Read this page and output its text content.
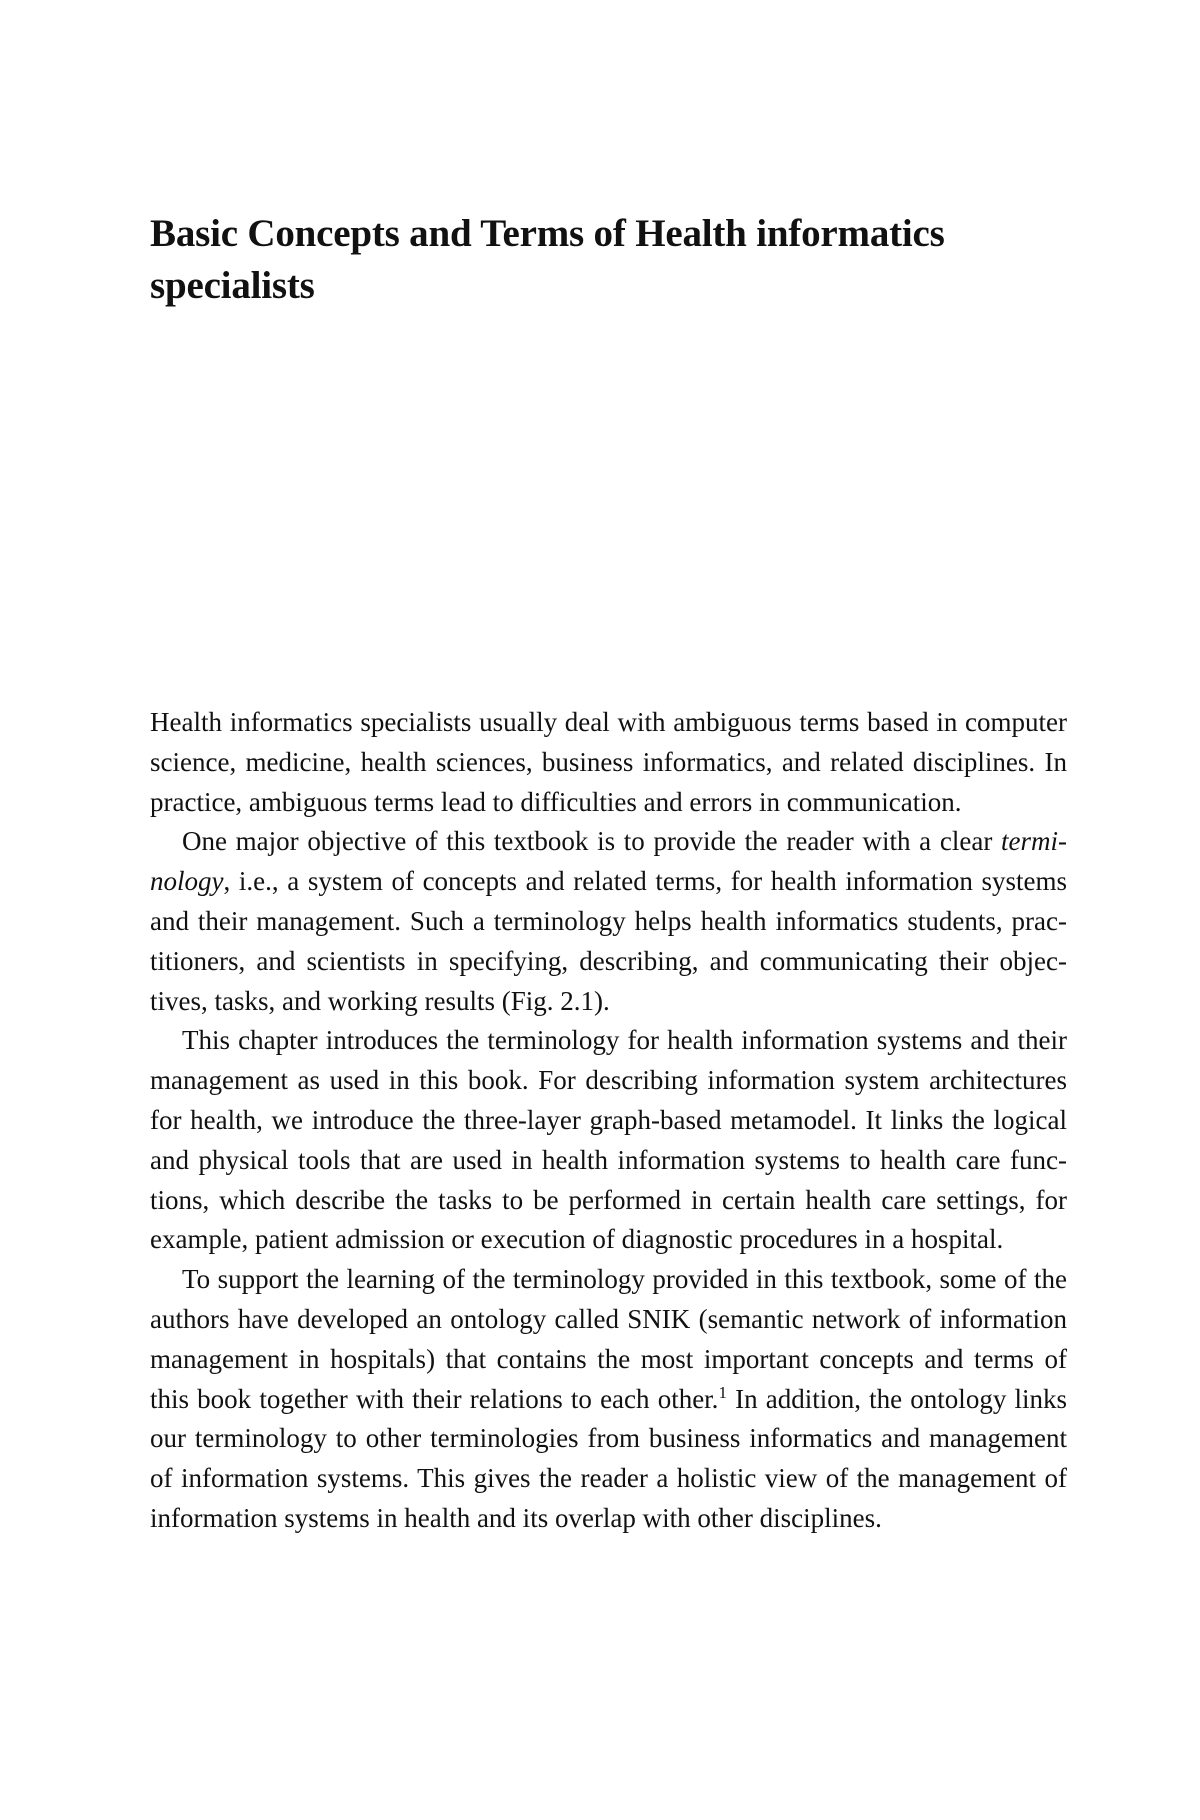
Basic Concepts and Terms of Health informatics specialists

Health informatics specialists usually deal with ambiguous terms based in computer science, medicine, health sciences, business informatics, and related disciplines. In practice, ambiguous terms lead to difficulties and errors in communication.

One major objective of this textbook is to provide the reader with a clear termi-nology, i.e., a system of concepts and related terms, for health information systems and their management. Such a terminology helps health informatics students, prac-titioners, and scientists in specifying, describing, and communicating their objec-tives, tasks, and working results (Fig. 2.1).

This chapter introduces the terminology for health information systems and their management as used in this book. For describing information system architectures for health, we introduce the three-layer graph-based metamodel. It links the logical and physical tools that are used in health information systems to health care func-tions, which describe the tasks to be performed in certain health care settings, for example, patient admission or execution of diagnostic procedures in a hospital.

To support the learning of the terminology provided in this textbook, some of the authors have developed an ontology called SNIK (semantic network of information management in hospitals) that contains the most important concepts and terms of this book together with their relations to each other.$^1$ In addition, the ontology links our terminology to other terminologies from business informatics and management of information systems. This gives the reader a holistic view of the management of information systems in health and its overlap with other disciplines.
